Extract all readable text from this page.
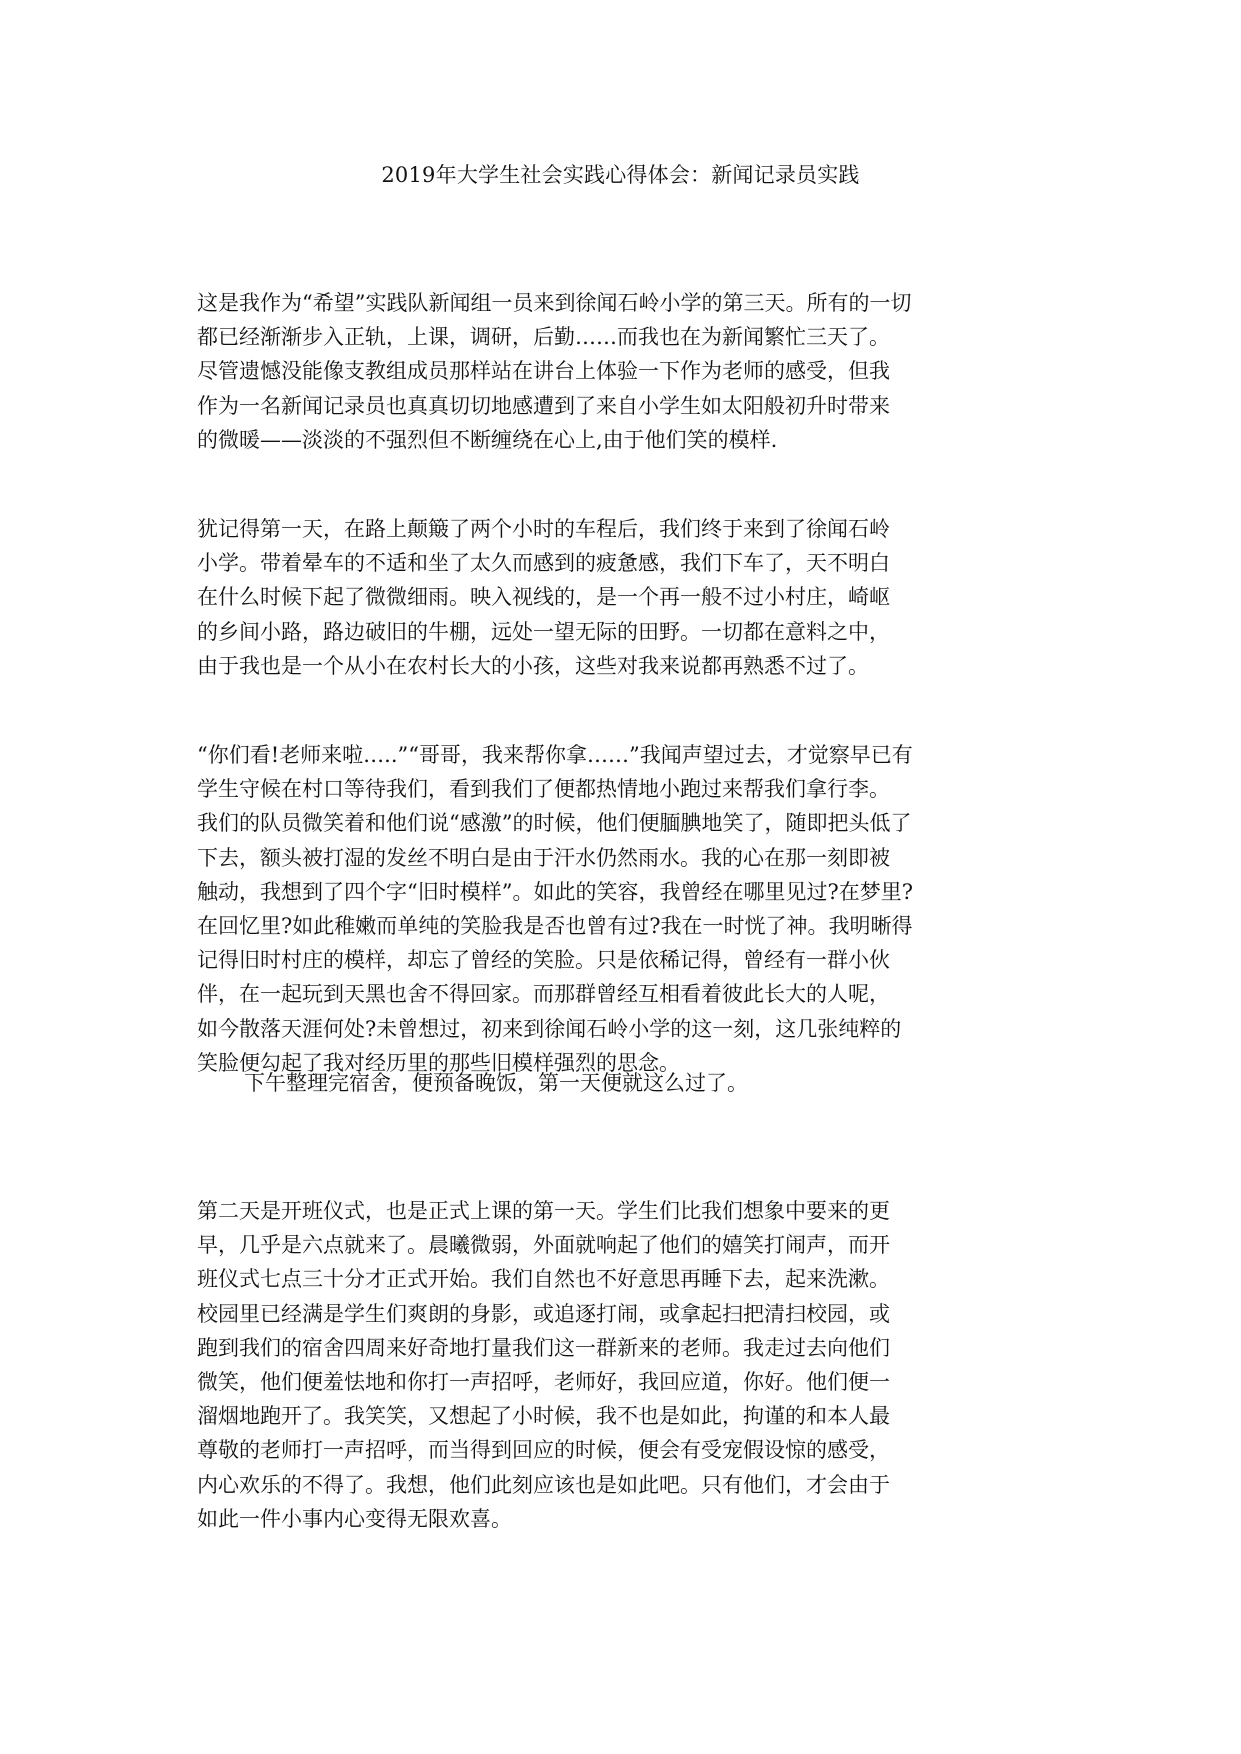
2019年大学生社会实践心得体会：新闻记录员实践

这是我作为“希望”实践队新闻组一员来到徐闻石岭小学的第三天。所有的一切
都已经渐渐步入正轨，上课，调研，后勤……而我也在为新闻繁忙三天了。
尽管遗憾没能像支教组成员那样站在讲台上体验一下作为老师的感受，但我
作为一名新闻记录员也真真切切地感遭到了来自小学生如太阳般初升时带来
的微暖——淡淡的不强烈但不断缠绕在心上,由于他们笑的模样.

犹记得第一天，在路上颠簸了两个小时的车程后，我们终于来到了徐闻石岭
小学。带着晕车的不适和坐了太久而感到的疲惫感，我们下车了，天不明白
在什么时候下起了微微细雨。映入视线的，是一个再一般不过小村庄，崎岖
的乡间小路，路边破旧的牛棚，远处一望无际的田野。一切都在意料之中，
由于我也是一个从小在农村长大的小孩，这些对我来说都再熟悉不过了。

“你们看!老师来啦…..”“哥哥，我来帮你拿……”我闻声望过去，才觉察早已有
学生守候在村口等待我们，看到我们了便都热情地小跑过来帮我们拿行李。
我们的队员微笑着和他们说“感激”的时候，他们便腼腆地笑了，随即把头低了
下去，额头被打湿的发丝不明白是由于汗水仍然雨水。我的心在那一刻即被
触动，我想到了四个字“旧时模样”。如此的笑容，我曾经在哪里见过?在梦里?
在回忆里?如此稚嫩而单纯的笑脸我是否也曾有过?我在一时恍了神。我明晰得
记得旧时村庄的模样，却忘了曾经的笑脸。只是依稀记得，曾经有一群小伙
伴，在一起玩到天黑也舍不得回家。而那群曾经互相看着彼此长大的人呢，
如今散落天涯何处?未曾想过，初来到徐闻石岭小学的这一刻，这几张纯粹的
笑脸便勾起了我对经历里的那些旧模样强烈的思念。

下午整理完宿舍，便预备晚饭，第一天便就这么过了。

第二天是开班仪式，也是正式上课的第一天。学生们比我们想象中要来的更
早，几乎是六点就来了。晨曦微弱，外面就响起了他们的嬉笑打闹声，而开
班仪式七点三十分才正式开始。我们自然也不好意思再睡下去，起来洗漱。
校园里已经满是学生们爽朗的身影，或追逐打闹，或拿起扫把清扫校园，或
跑到我们的宿舍四周来好奇地打量我们这一群新来的老师。我走过去向他们
微笑，他们便羞怯地和你打一声招呼，老师好，我回应道，你好。他们便一
溜烟地跑开了。我笑笑，又想起了小时候，我不也是如此，拘谨的和本人最
尊敬的老师打一声招呼，而当得到回应的时候，便会有受宠假设惊的感受，
内心欢乐的不得了。我想，他们此刻应该也是如此吧。只有他们，才会由于
如此一件小事内心变得无限欢喜。
